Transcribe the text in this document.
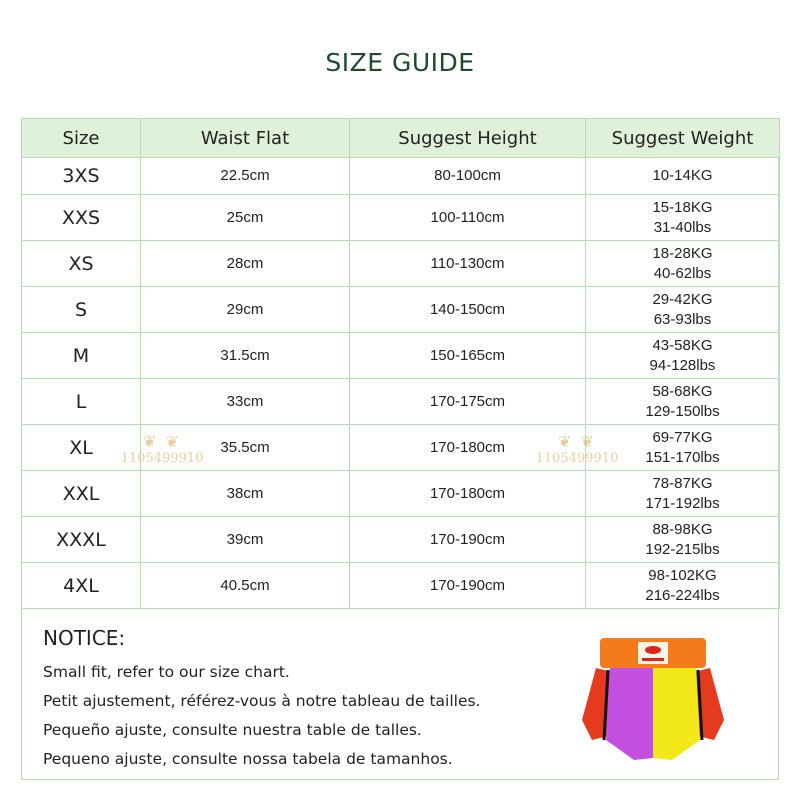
SIZE GUIDE
Size	Waist Flat	Suggest Height	Suggest Weight
3XS	22.5cm	80-100cm	10-14KG

XXS	25cm	100-110cm	15-18KG
31-40lbs

XS	28cm	110-130cm	18-28KG
40-62lbs

S	29cm	140-150cm	29-42KG
63-93lbs

M	31.5cm	150-165cm	43-58KG
94-128lbs

L	33cm	170-175cm	58-68KG
129-150lbs

XL	35.5cm	170-180cm	69-77KG
151-170lbs

XXL	38cm	170-180cm	78-87KG
171-192lbs

XXXL	39cm	170-190cm	88-98KG
192-215lbs

4XL	40.5cm	170-190cm	98-102KG
216-224lbs
❦ ❦
1105499910
❦ ❦
1105499910
NOTICE:
Small fit, refer to our size chart.
Petit ajustement, référez-vous à notre tableau de tailles.
Pequeño ajuste, consulte nuestra table de talles.
Pequeno ajuste, consulte nossa tabela de tamanhos.
